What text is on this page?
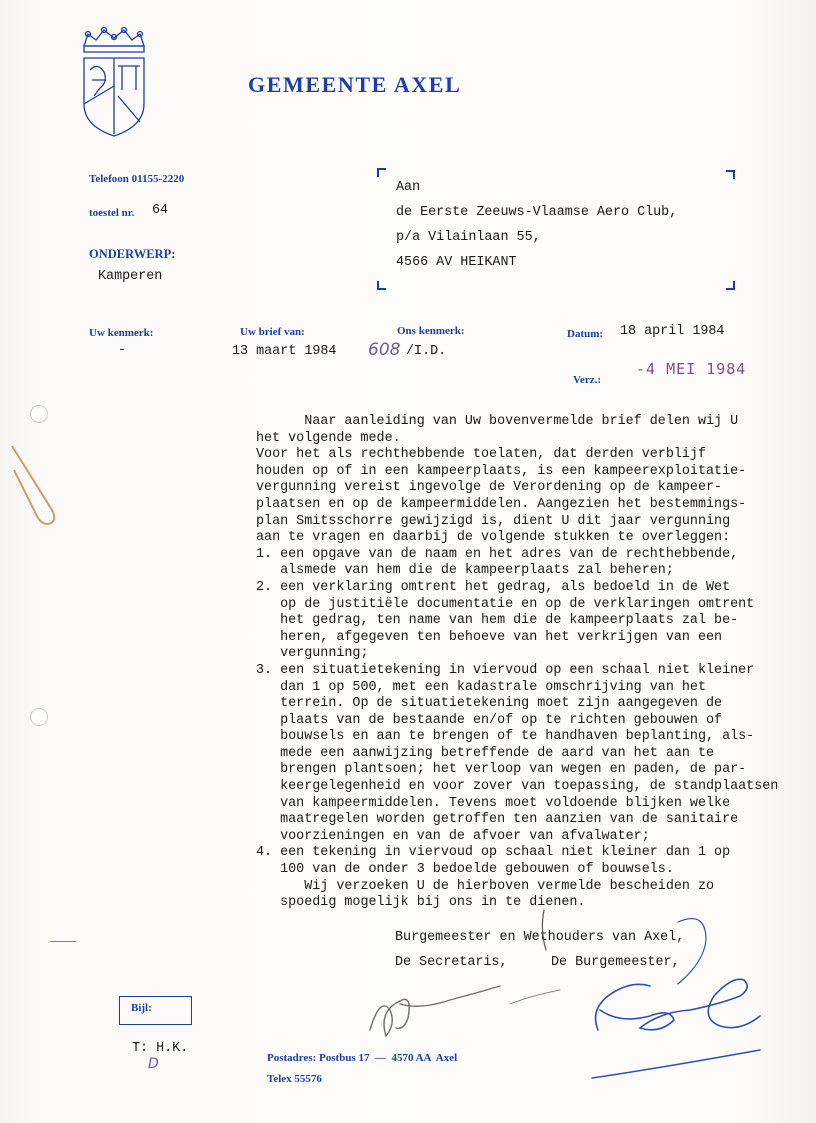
GEMEENTE AXEL
Telefoon 01155-2220
toestel nr. 64
ONDERWERP:
Kamperen
Aan
de Eerste Zeeuws-Vlaamse Aero Club,
p/a Vilainlaan 55,
4566 AV HEIKANT
Uw kenmerk:
-
Uw brief van:
13 maart 1984
Ons kenmerk:
608 /I.D.
Datum: 18 april 1984
Verz.:
-4 MEI 1984
Naar aanleiding van Uw bovenvermelde brief delen wij U
het volgende mede.
Voor het als rechthebbende toelaten, dat derden verblijf
houden op of in een kampeerplaats, is een kampeerexploitatie-
vergunning vereist ingevolge de Verordening op de kampeer-
plaatsen en op de kampeermiddelen. Aangezien het bestemmings-
plan Smitsschorre gewijzigd is, dient U dit jaar vergunning
aan te vragen en daarbij de volgende stukken te overleggen:
1. een opgave van de naam en het adres van de rechthebbende,
alsmede van hem die de kampeerplaats zal beheren;
2. een verklaring omtrent het gedrag, als bedoeld in de Wet
op de justitiële documentatie en op de verklaringen omtrent
het gedrag, ten name van hem die de kampeerplaats zal be-
heren, afgegeven ten behoeve van het verkrijgen van een
vergunning;
3. een situatietekening in viervoud op een schaal niet kleiner
dan 1 op 500, met een kadastrale omschrijving van het
terrein. Op de situatietekening moet zijn aangegeven de
plaats van de bestaande en/of op te richten gebouwen of
bouwsels en aan te brengen of te handhaven beplanting, als-
mede een aanwijzing betreffende de aard van het aan te
brengen plantsoen; het verloop van wegen en paden, de par-
keergelegenheid en voor zover van toepassing, de standplaatsen
van kampeermiddelen. Tevens moet voldoende blijken welke
maatregelen worden getroffen ten aanzien van de sanitaire
voorzieningen en van de afvoer van afvalwater;
4. een tekening in viervoud op schaal niet kleiner dan 1 op
100 van de onder 3 bedoelde gebouwen of bouwsels.
Wij verzoeken U de hierboven vermelde bescheiden zo
spoedig mogelijk bij ons in te dienen.
Burgemeester en Wethouders van Axel,
De Secretaris,	De Burgemeester,
Bijl:
T: H.K.
D	Postadres: Postbus 17  —  4570 AA  Axel
Telex 55576
